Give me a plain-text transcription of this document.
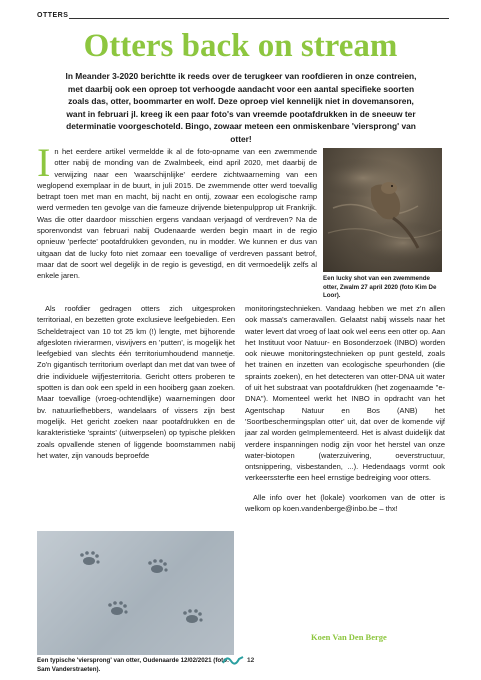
OTTERS
Otters back on stream
In Meander 3-2020 berichtte ik reeds over de terugkeer van roofdieren in onze contreien, met daarbij ook een oproep tot verhoogde aandacht voor een aantal specifieke soorten zoals das, otter, boommarter en wolf. Deze oproep viel kennelijk niet in dovemansoren, want in februari jl. kreeg ik een paar foto's van vreemde pootafdrukken in de sneeuw ter determinatie voorgeschoteld. Bingo, zowaar meteen een onmiskenbare 'viersprong' van otter!
I n het eerdere artikel vermeldde ik al de foto-opname van een zwemmende otter nabij de monding van de Zwalmbeek, eind april 2020, met daarbij de verwijzing naar een 'waarschijnlijke' eerdere zichtwaarneming van een weglopend exemplaar in de buurt, in juli 2015. De zwemmende otter werd toevallig betrapt toen met man en macht, bij nacht en ontij, zowaar een ecologische ramp werd vermeden ten gevolge van die fameuze drijvende bietenpulpprop uit Frankrijk. Was die otter daardoor misschien ergens vandaan verjaagd of verdreven? Na de sporenvondst van februari nabij Oudenaarde werden begin maart in de regio opnieuw 'perfecte' pootafdrukken gevonden, nu in modder. We kunnen er dus van uitgaan dat de lucky foto niet zomaar een toevallige of verdreven passant betrof, maar dat de soort wel degelijk in de regio is gevestigd, en dit vermoedelijk zelfs al enkele jaren.	Een lucky shot van een zwemmende otter, Zwalm 27 april 2020 (foto Kim De Loor).

Als roofdier gedragen otters zich uitgesproken territoriaal, en bezetten grote exclusieve leefgebieden. Een Scheldetraject van 10 tot 25 km (!) lengte, met bijhorende afgesloten rivierarmen, visvijvers en 'putten', is mogelijk het leefgebied van slechts één territoriumhoudend mannetje. Zo'n gigantisch territorium overlapt dan met dat van twee of drie individuele wijfjesterritoria. Gericht otters proberen te spotten is dan ook een speld in een hooiberg gaan zoeken. Maar toevallige (vroeg-ochtendlijke) waarnemingen door bv. natuurliefhebbers, wandelaars of vissers zijn best mogelijk. Het gericht zoeken naar pootafdrukken en de karakteristieke 'spraints' (uitwerpselen) op typische plekken zoals opvallende stenen of liggende boomstammen nabij het water, zijn vanouds beproefde

Een typische 'viersprong' van otter, Oudenaarde 12/02/2021 (foto: Sam Vanderstraeten).

monitoringstechnieken. Vandaag hebben we met z'n allen ook massa's cameravallen. Gelaatst nabij wissels naar het water levert dat vroeg of laat ook wel eens een otter op. Aan het Instituut voor Natuur- en Bosonderzoek (INBO) worden ook nieuwe monitoringstechnieken op punt gesteld, zoals het trainen en inzetten van ecologische speurhonden (die spraints zoeken), en het detecteren van otter-DNA uit water of uit het substraat van pootafdrukken (het zogenaamde "e-DNA"). Momenteel werkt het INBO in opdracht van het Agentschap Natuur en Bos (ANB) het 'Soortbeschermingsplan otter' uit, dat over de komende vijf jaar zal worden geïmplementeerd. Het is alvast duidelijk dat verdere inspanningen nodig zijn voor het herstel van onze water-biotopen (waterzuivering, oeverstructuur, ontsnippering, visbestanden, ...). Hedendaags vormt ook verkeerssterfte een heel ernstige bedreiging voor otters.

Alle info over het (lokale) voorkomen van de otter is welkom op koen.vandenberge@inbo.be – thx!

Koen Van Den Berge
12
